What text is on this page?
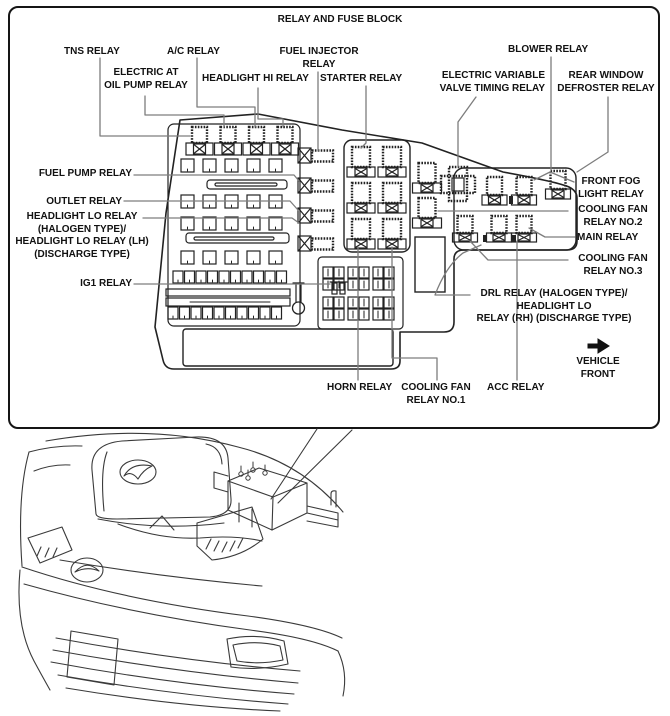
RELAY AND FUSE BLOCK
TNS RELAY
ELECTRIC AT
OIL PUMP RELAY
A/C RELAY
HEADLIGHT HI RELAY
FUEL INJECTOR
RELAY
STARTER RELAY
BLOWER RELAY
ELECTRIC VARIABLE
VALVE TIMING RELAY
REAR WINDOW
DEFROSTER RELAY
FUEL PUMP RELAY
OUTLET RELAY
HEADLIGHT LO RELAY
(HALOGEN TYPE)/
HEADLIGHT LO RELAY (LH)
(DISCHARGE TYPE)
IG1 RELAY
FRONT FOG
LIGHT RELAY
COOLING FAN
RELAY NO.2
MAIN RELAY
COOLING FAN
RELAY NO.3
DRL RELAY (HALOGEN TYPE)/
HEADLIGHT LO
RELAY (RH) (DISCHARGE TYPE)
VEHICLE
FRONT
HORN RELAY COOLING FAN
RELAY NO.1
ACC RELAY
